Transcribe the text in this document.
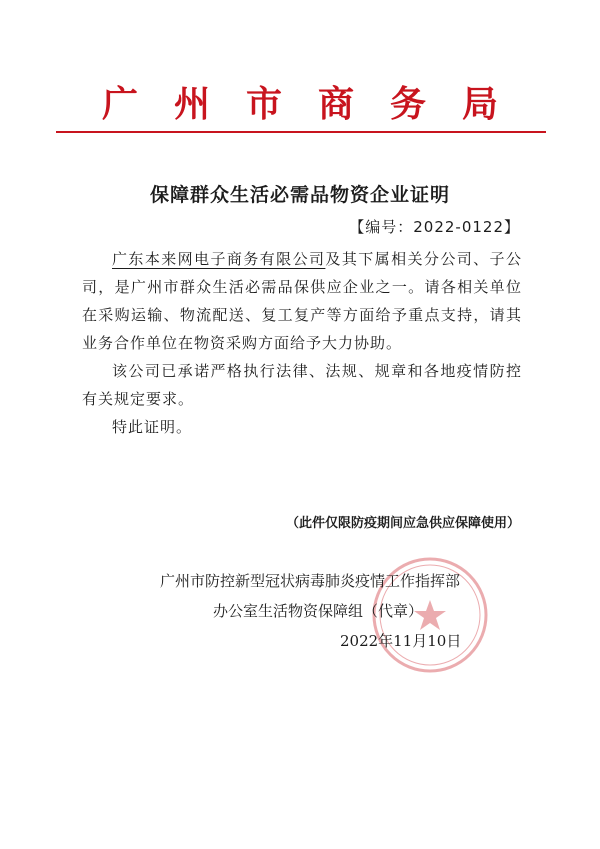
广州市商务局
保障群众生活必需品物资企业证明
【编号：2022-0122】

广东本来网电子商务有限公司及其下属相关分公司、子公司，是广州市群众生活必需品保供应企业之一。请各相关单位在采购运输、物流配送、复工复产等方面给予重点支持，请其业务合作单位在物资采购方面给予大力协助。

该公司已承诺严格执行法律、法规、规章和各地疫情防控有关规定要求。

特此证明。

（此件仅限防疫期间应急供应保障使用）
广州市防控新型冠状病毒肺炎疫情工作指挥部
办公室生活物资保障组（代章）
2022年11月10日
